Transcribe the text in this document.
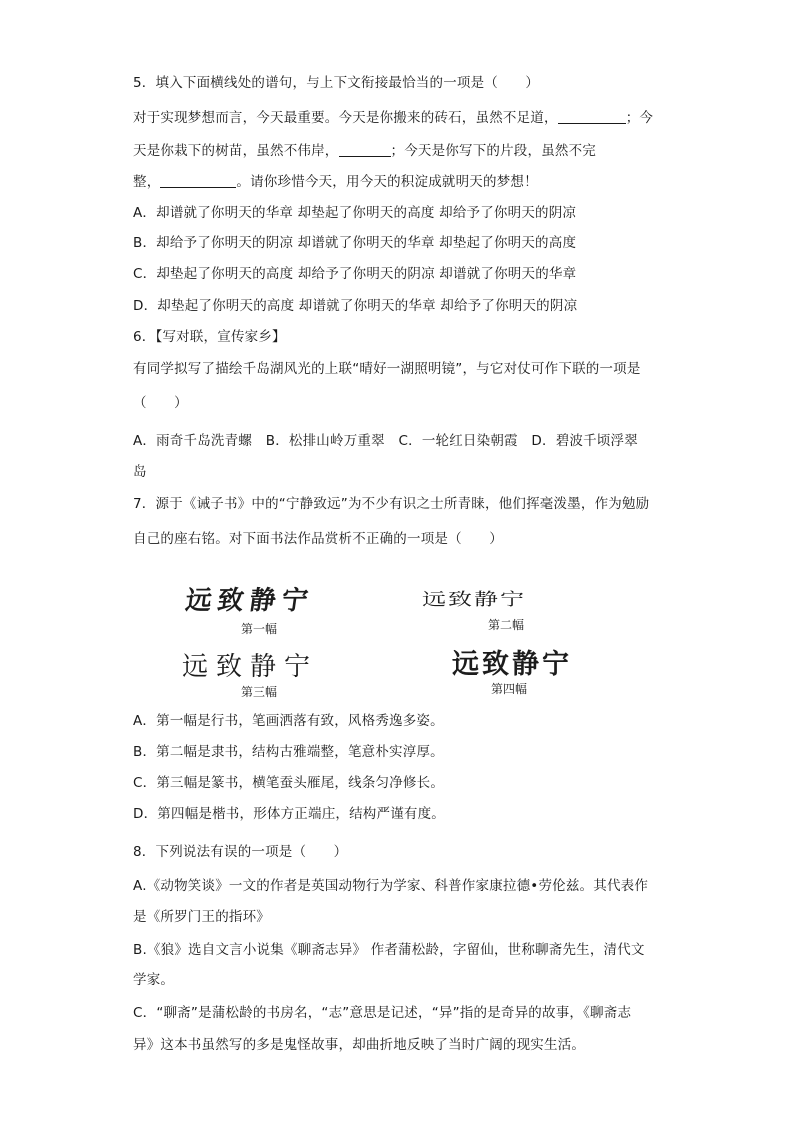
5．填入下面横线处的谱句，与上下文衔接最恰当的一项是（　　）
对于实现梦想而言，今天最重要。今天是你搬来的砖石，虽然不足道，	；今
天是你栽下的树苗，虽然不伟岸，	；今天是你写下的片段，虽然不完
整，	。请你珍惜今天，用今天的积淀成就明天的梦想！
A．却谱就了你明天的华章 却垫起了你明天的高度 却给予了你明天的阴凉
B．却给予了你明天的阴凉 却谱就了你明天的华章 却垫起了你明天的高度
C．却垫起了你明天的高度 却给予了你明天的阴凉 却谱就了你明天的华章
D．却垫起了你明天的高度 却谱就了你明天的华章 却给予了你明天的阴凉
6．【写对联，宣传家乡】
有同学拟写了描绘千岛湖风光的上联“晴好一湖照明镜”，与它对仗可作下联的一项是
（　　）
A．雨奇千岛洗青螺　B．松排山岭万重翠　C．一轮红日染朝霞　D．碧波千顷浮翠
岛
7．源于《诫子书》中的“宁静致远”为不少有识之士所青睐，他们挥毫泼墨，作为勉励
自己的座右铭。对下面书法作品赏析不正确的一项是（　　）
远致静宁
第一幅
远致静宁
第二幅
远致静宁
第三幅
远致静宁
第四幅
A．第一幅是行书，笔画洒落有致，风格秀逸多姿。
B．第二幅是隶书，结构古雅端整，笔意朴实淳厚。
C．第三幅是篆书，横笔蚕头雁尾，线条匀净修长。
D．第四幅是楷书，形体方正端庄，结构严谨有度。
8．下列说法有误的一项是（　　）
A.《动物笑谈》一文的作者是英国动物行为学家、科普作家康拉德•劳伦兹。其代表作
是《所罗门王的指环》
B.《狼》选自文言小说集《聊斋志异》 作者蒲松龄，字留仙，世称聊斋先生，清代文
学家。
C．“聊斋”是蒲松龄的书房名，“志”意思是记述，“异”指的是奇异的故事，《聊斋志
异》这本书虽然写的多是鬼怪故事，却曲折地反映了当时广阔的现实生活。
